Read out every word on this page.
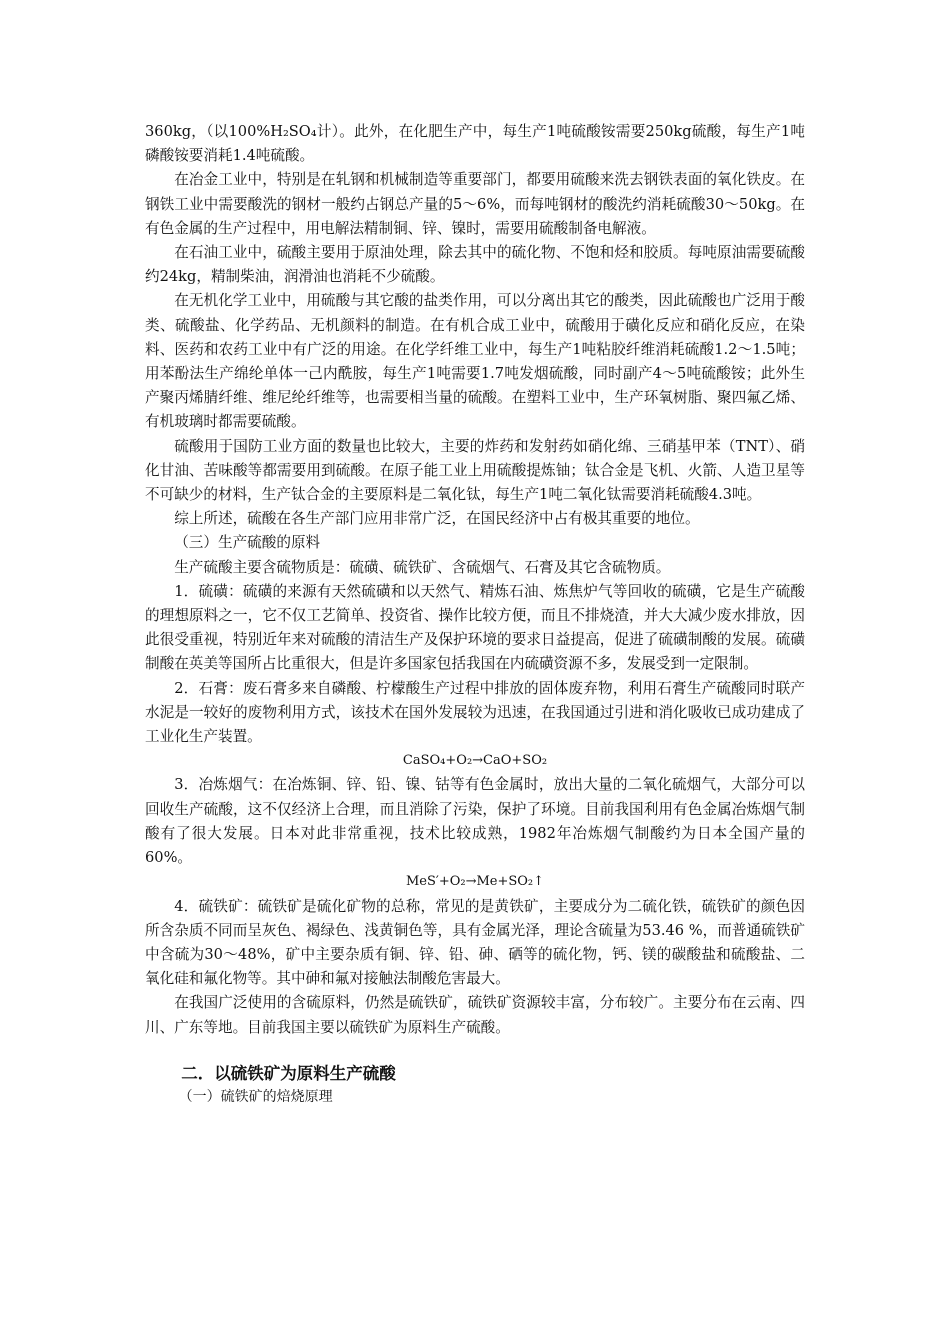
360kg，（以100%H₂SO₄计）。此外，在化肥生产中，每生产1吨硫酸铵需要250kg硫酸，每生产1吨磷酸铵要消耗1.4吨硫酸。

在冶金工业中，特别是在轧钢和机械制造等重要部门，都要用硫酸来洗去钢铁表面的氧化铁皮。在钢铁工业中需要酸洗的钢材一般约占钢总产量的5～6%，而每吨钢材的酸洗约消耗硫酸30～50kg。在有色金属的生产过程中，用电解法精制铜、锌、镍时，需要用硫酸制备电解液。

在石油工业中，硫酸主要用于原油处理，除去其中的硫化物、不饱和烃和胶质。每吨原油需要硫酸约24kg，精制柴油，润滑油也消耗不少硫酸。

在无机化学工业中，用硫酸与其它酸的盐类作用，可以分离出其它的酸类，因此硫酸也广泛用于酸类、硫酸盐、化学药品、无机颜料的制造。在有机合成工业中，硫酸用于磺化反应和硝化反应，在染料、医药和农药工业中有广泛的用途。在化学纤维工业中，每生产1吨粘胶纤维消耗硫酸1.2～1.5吨；用苯酚法生产绵纶单体一己内酰胺，每生产1吨需要1.7吨发烟硫酸，同时副产4～5吨硫酸铵；此外生产聚丙烯腈纤维、维尼纶纤维等，也需要相当量的硫酸。在塑料工业中，生产环氧树脂、聚四氟乙烯、有机玻璃时都需要硫酸。

硫酸用于国防工业方面的数量也比较大，主要的炸药和发射药如硝化绵、三硝基甲苯（TNT）、硝化甘油、苦味酸等都需要用到硫酸。在原子能工业上用硫酸提炼铀；钛合金是飞机、火箭、人造卫星等不可缺少的材料，生产钛合金的主要原料是二氧化钛，每生产1吨二氧化钛需要消耗硫酸4.3吨。

综上所述，硫酸在各生产部门应用非常广泛，在国民经济中占有极其重要的地位。

（三）生产硫酸的原料

生产硫酸主要含硫物质是：硫磺、硫铁矿、含硫烟气、石膏及其它含硫物质。

1．硫磺：硫磺的来源有天然硫磺和以天然气、精炼石油、炼焦炉气等回收的硫磺，它是生产硫酸的理想原料之一，它不仅工艺简单、投资省、操作比较方便，而且不排烧渣，并大大减少废水排放，因此很受重视，特别近年来对硫酸的清洁生产及保护环境的要求日益提高，促进了硫磺制酸的发展。硫磺制酸在英美等国所占比重很大，但是许多国家包括我国在内硫磺资源不多，发展受到一定限制。

2．石膏：废石膏多来自磷酸、柠檬酸生产过程中排放的固体废弃物，利用石膏生产硫酸同时联产水泥是一较好的废物利用方式，该技术在国外发展较为迅速，在我国通过引进和消化吸收已成功建成了工业化生产装置。

CaSO₄+O₂→CaO+SO₂

3．冶炼烟气：在冶炼铜、锌、铅、镍、钴等有色金属时，放出大量的二氧化硫烟气，大部分可以回收生产硫酸，这不仅经济上合理，而且消除了污染，保护了环境。目前我国利用有色金属冶炼烟气制酸有了很大发展。日本对此非常重视，技术比较成熟，1982年冶炼烟气制酸约为日本全国产量的60%。

MeS′+O₂→Me+SO₂↑

4．硫铁矿：硫铁矿是硫化矿物的总称，常见的是黄铁矿，主要成分为二硫化铁，硫铁矿的颜色因所含杂质不同而呈灰色、褐绿色、浅黄铜色等，具有金属光泽，理论含硫量为53.46 %，而普通硫铁矿中含硫为30～48%，矿中主要杂质有铜、锌、铅、砷、硒等的硫化物，钙、镁的碳酸盐和硫酸盐、二氧化硅和氟化物等。其中砷和氟对接触法制酸危害最大。

在我国广泛使用的含硫原料，仍然是硫铁矿，硫铁矿资源较丰富，分布较广。主要分布在云南、四川、广东等地。目前我国主要以硫铁矿为原料生产硫酸。

二．以硫铁矿为原料生产硫酸

（一）硫铁矿的焙烧原理
